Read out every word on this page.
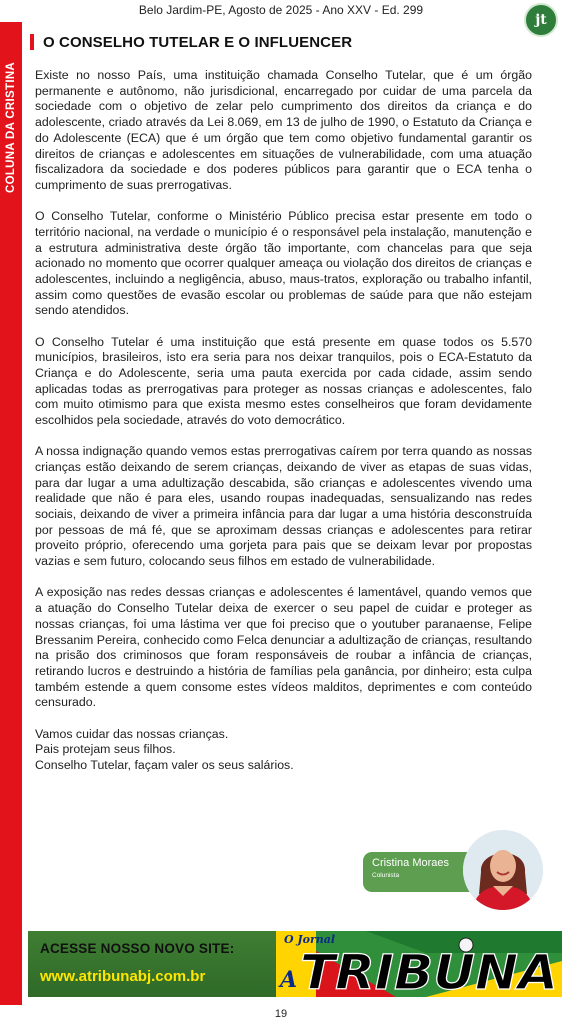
Belo Jardim-PE, Agosto de 2025 - Ano XXV - Ed. 299
jt
COLUNA DA CRISTINA
O CONSELHO TUTELAR E O INFLUENCER

Existe no nosso País, uma instituição chamada Conselho Tutelar, que é um órgão permanente e autônomo, não jurisdicional, encarregado por cuidar de uma parcela da sociedade com o objetivo de zelar pelo cumprimento dos direitos da criança e do adolescente, criado através da Lei 8.069, em 13 de julho de 1990, o Estatuto da Criança e do Adolescente (ECA) que é um órgão que tem como objetivo fundamental garantir os direitos de crianças e adolescentes em situações de vulnerabilidade, com uma atuação fiscalizadora da sociedade e dos poderes públicos para garantir que o ECA tenha o cumprimento de suas prerrogativas.

O Conselho Tutelar, conforme o Ministério Público precisa estar presente em todo o território nacional, na verdade o município é o responsável pela instalação, manutenção e a estrutura administrativa deste órgão tão importante, com chancelas para que seja acionado no momento que ocorrer qualquer ameaça ou violação dos direitos de crianças e adolescentes, incluindo a negligência, abuso, maus-tratos, exploração ou trabalho infantil, assim como questões de evasão escolar ou problemas de saúde para que não estejam sendo atendidos.

O Conselho Tutelar é uma instituição que está presente em quase todos os 5.570 municípios, brasileiros, isto era seria para nos deixar tranquilos, pois o ECA-Estatuto da Criança e do Adolescente, seria uma pauta exercida por cada cidade, assim sendo aplicadas todas as prerrogativas para proteger as nossas crianças e adolescentes, falo com muito otimismo para que exista mesmo estes conselheiros que foram devidamente escolhidos pela sociedade, através do voto democrático.

A nossa indignação quando vemos estas prerrogativas caírem por terra quando as nossas crianças estão deixando de serem crianças, deixando de viver as etapas de suas vidas, para dar lugar a uma adultização descabida, são crianças e adolescentes vivendo uma realidade que não é para eles, usando roupas inadequadas, sensualizando nas redes sociais, deixando de viver a primeira infância para dar lugar a uma história desconstruída por pessoas de má fé, que se aproximam dessas crianças e adolescentes para retirar proveito próprio, oferecendo uma gorjeta para pais que se deixam levar por propostas vazias e sem futuro, colocando seus filhos em estado de vulnerabilidade.

A exposição nas redes dessas crianças e adolescentes é lamentável, quando vemos que a atuação do Conselho Tutelar deixa de exercer o seu papel de cuidar e proteger as nossas crianças, foi uma lástima ver que foi preciso que o youtuber paranaense, Felipe Bressanim Pereira, conhecido como Felca denunciar a adultização de crianças, resultando na prisão dos criminosos que foram responsáveis de roubar a infância de crianças, retirando lucros e destruindo a história de famílias pela ganância, por dinheiro; esta culpa também estende a quem consome estes vídeos malditos, deprimentes e com conteúdo censurado.

Vamos cuidar das nossas crianças.
Pais protejam seus filhos.
Conselho Tutelar, façam valer os seus salários.
Cristina Moraes
Colunista
ACESSE NOSSO NOVO SITE:
www.atribunabj.com.br
O Jornal
A TRIBUNA
19
